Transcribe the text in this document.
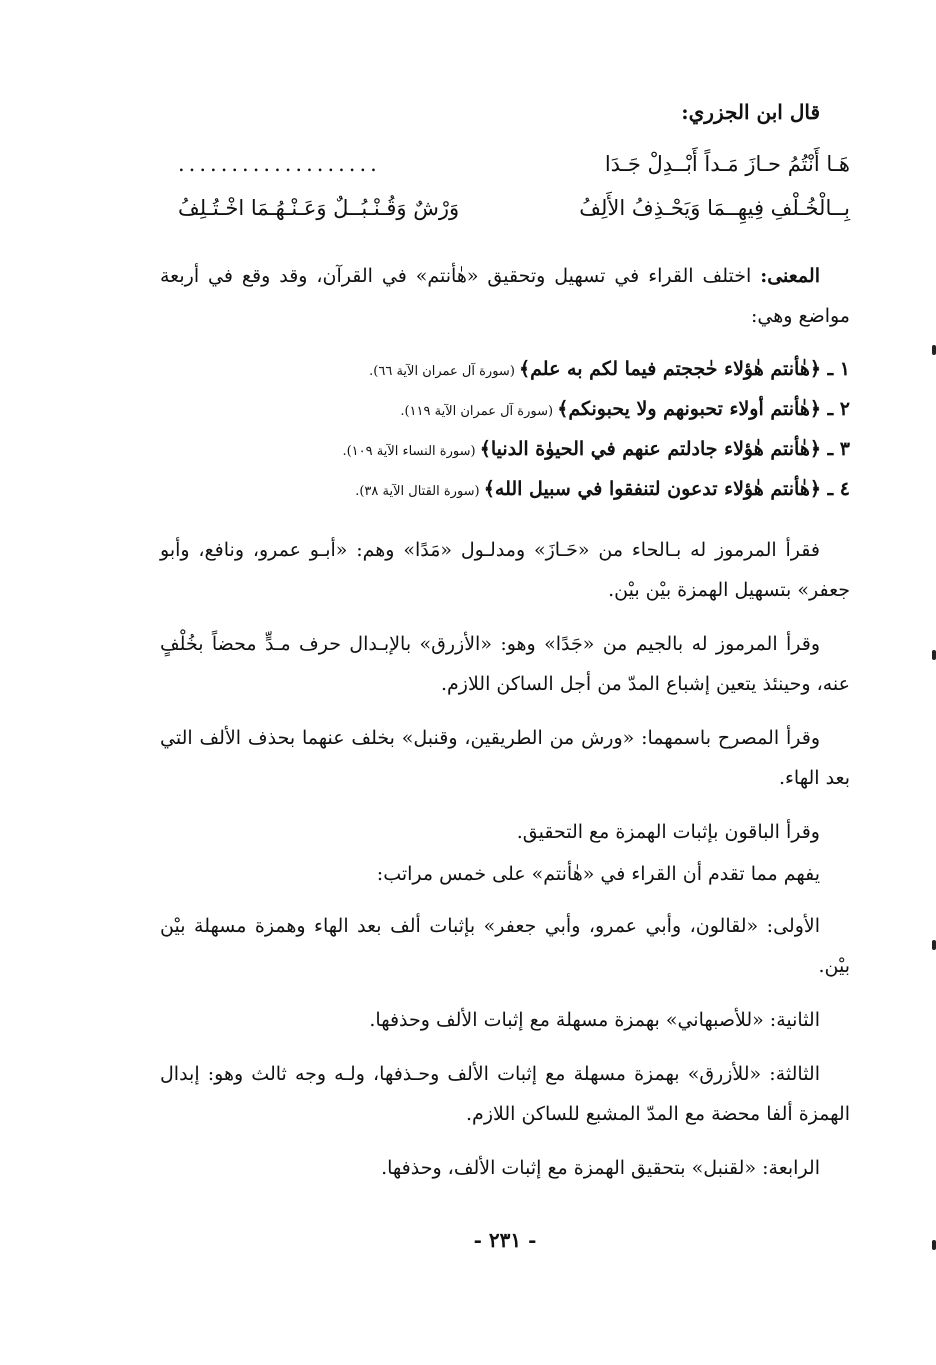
قال ابن الجزري:
هَـا أَنْتُمُ حـازَ مَـداً أَبْــدِلْ جَـدَا
...................
بِــالْخُـلْفِ فِيهِــمَا وَيَحْـذِفُ الأَلِفُ
وَرْشٌ وَقُـنْـبُــلٌ وَعَـنْـهُـمَا اخْـتُـلِفُ
المعنى: اختلف القراء في تسهيل وتحقيق «هٰأنتم» في القرآن، وقد وقع في أربعة مواضع وهي:
١ ـ ﴿هٰأنتم هٰؤلاء حٰججتم فيما لكم به علم﴾ (سورة آل عمران الآية ٦٦).
٢ ـ ﴿هٰأنتم أولاء تحبونهم ولا يحبونكم﴾ (سورة آل عمران الآية ١١٩).
٣ ـ ﴿هٰأنتم هٰؤلاء جادلتم عنهم في الحيوٰة الدنيا﴾ (سورة النساء الآية ١٠٩).
٤ ـ ﴿هٰأنتم هٰؤلاء تدعون لتنفقوا في سبيل الله﴾ (سورة القتال الآية ٣٨).
فقرأ المرموز له بـالحاء من «حَـازَ» ومدلـول «مَدًا» وهم: «أبـو عمرو، ونافع، وأبو جعفر» بتسهيل الهمزة بيْن بيْن.
وقرأ المرموز له بالجيم من «جَدًا» وهو: «الأزرق» بالإبـدال حرف مـدٍّ محضاً بخُلْفٍ عنه، وحينئذ يتعين إشباع المدّ من أجل الساكن اللازم.
وقرأ المصرح باسمهما: «ورش من الطريقين، وقنبل» بخلف عنهما بحذف الألف التي بعد الهاء.
وقرأ الباقون بإثبات الهمزة مع التحقيق.
يفهم مما تقدم أن القراء في «هٰأنتم» على خمس مراتب:
الأولى: «لقالون، وأبي عمرو، وأبي جعفر» بإثبات ألف بعد الهاء وهمزة مسهلة بيْن بيْن.
الثانية: «للأصبهاني» بهمزة مسهلة مع إثبات الألف وحذفها.
الثالثة: «للأزرق» بهمزة مسهلة مع إثبات الألف وحـذفها، ولـه وجه ثالث وهو: إبدال الهمزة ألفا محضة مع المدّ المشبع للساكن اللازم.
الرابعة: «لقنبل» بتحقيق الهمزة مع إثبات الألف، وحذفها.
- ٢٣١ -
